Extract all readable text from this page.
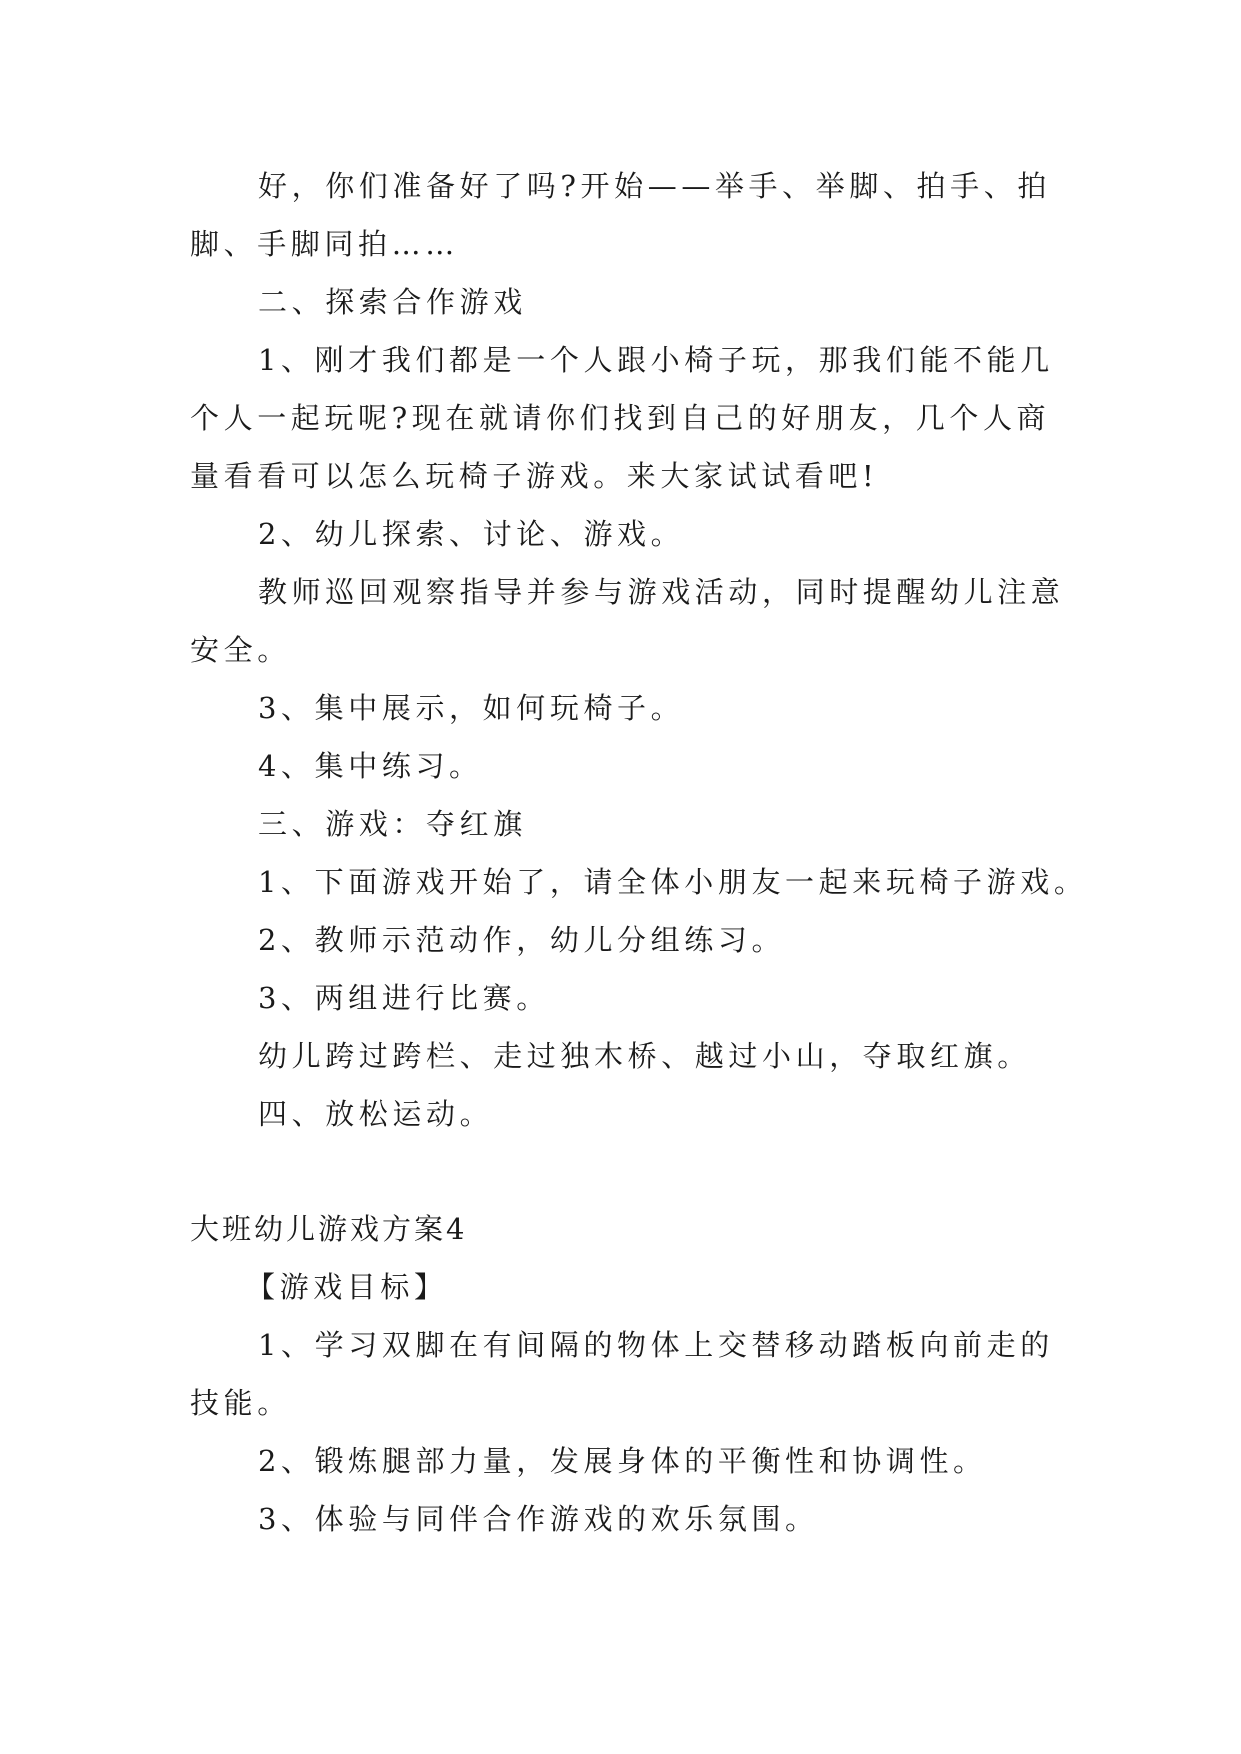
好，你们准备好了吗?开始——举手、举脚、拍手、拍
脚、手脚同拍……
二、探索合作游戏
1、刚才我们都是一个人跟小椅子玩，那我们能不能几
个人一起玩呢?现在就请你们找到自己的好朋友，几个人商
量看看可以怎么玩椅子游戏。来大家试试看吧!
2、幼儿探索、讨论、游戏。
教师巡回观察指导并参与游戏活动，同时提醒幼儿注意
安全。
3、集中展示，如何玩椅子。
4、集中练习。
三、游戏：夺红旗
1、下面游戏开始了，请全体小朋友一起来玩椅子游戏。
2、教师示范动作，幼儿分组练习。
3、两组进行比赛。
幼儿跨过跨栏、走过独木桥、越过小山，夺取红旗。
四、放松运动。
大班幼儿游戏方案4
【游戏目标】
1、学习双脚在有间隔的物体上交替移动踏板向前走的
技能。
2、锻炼腿部力量，发展身体的平衡性和协调性。
3、体验与同伴合作游戏的欢乐氛围。
